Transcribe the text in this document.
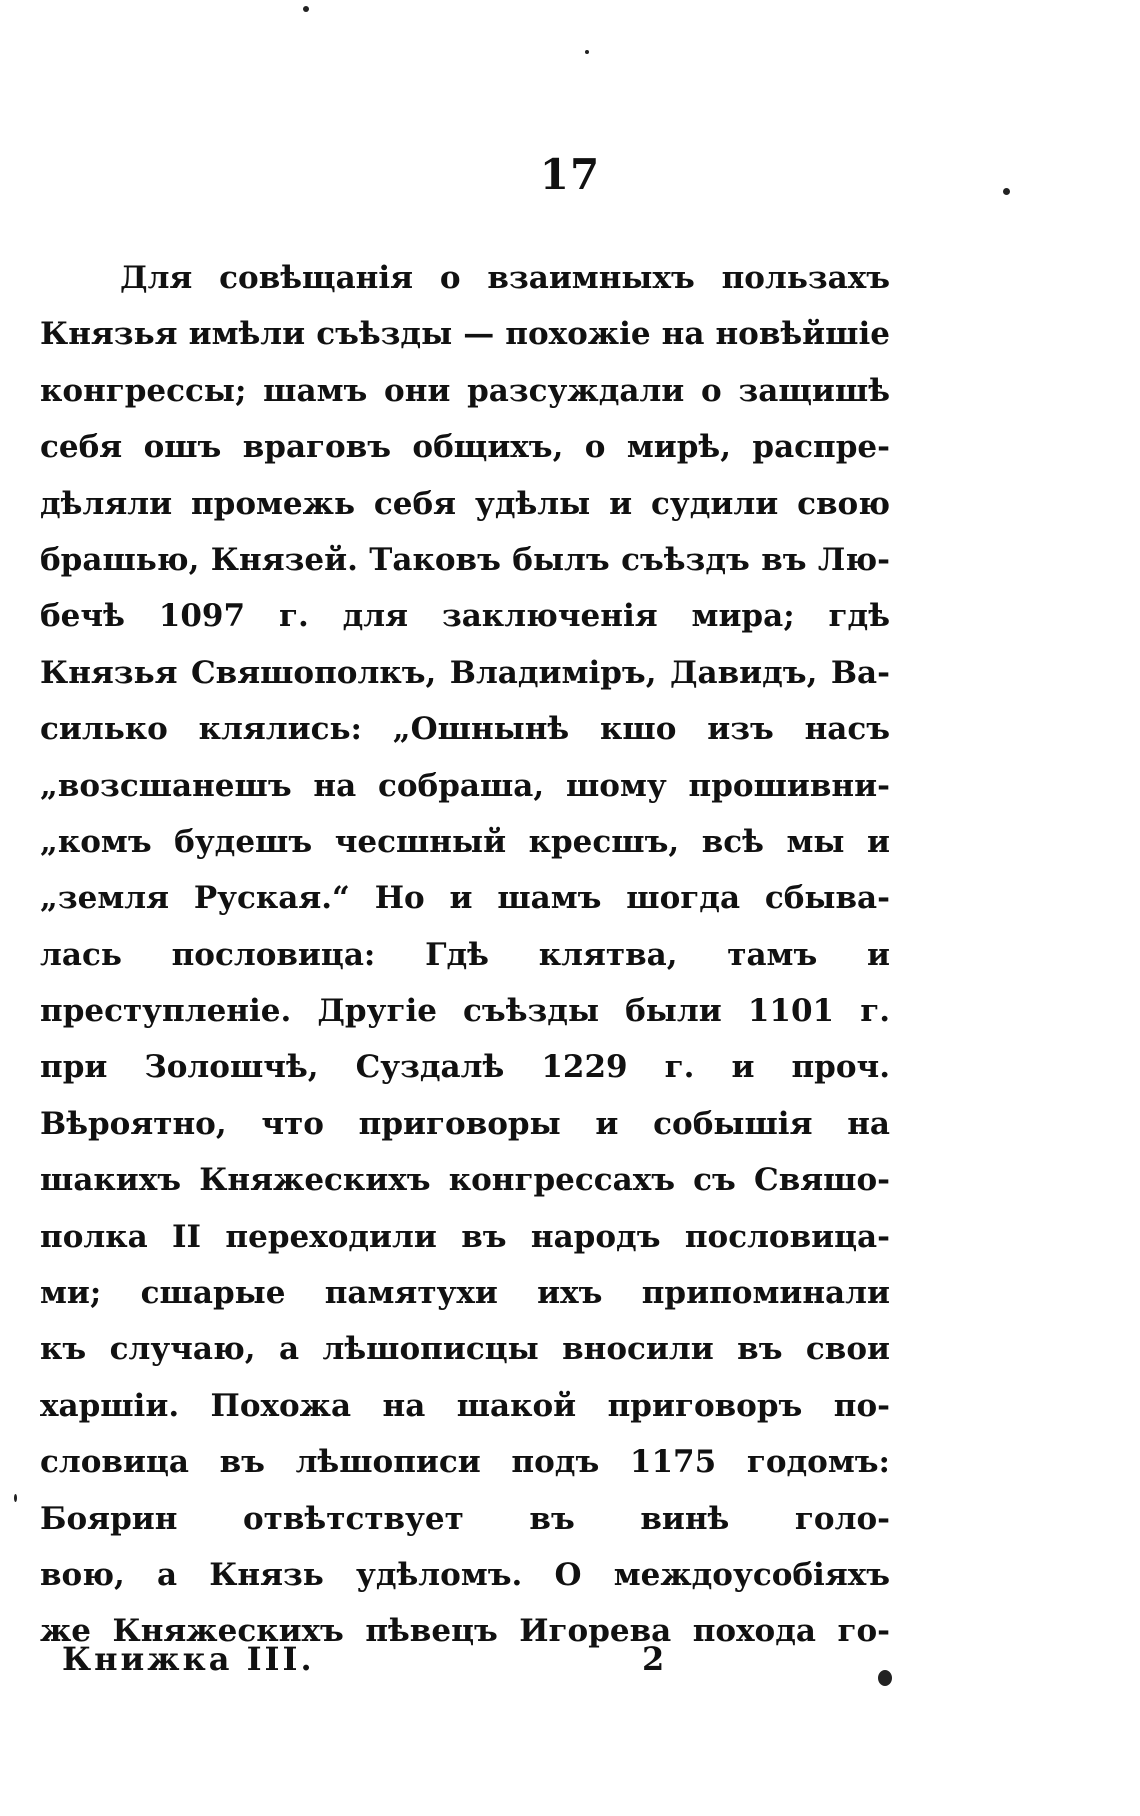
17
Для совѣщанія о взаимныхъ пользахъ
Князья имѣли съѣзды — похожіе на новѣйшіе
конгрессы; шамъ они разсуждали о защишѣ
себя ошъ враговъ общихъ, о мирѣ, распре-
дѣляли промежь себя удѣлы и судили свою
брашью, Князей. Таковъ былъ съѣздъ въ Лю-
бечѣ 1097 г. для заключенія мира; гдѣ
Князья Свяшополкъ, Владимiръ, Давидъ, Ва-
силько клялись: „Ошнынѣ кшо изъ насъ
„возсшанешъ на собраша, шому прошивни-
„комъ будешъ чесшный кресшъ, всѣ мы и
„земля Руская.“ Но и шамъ шогда сбыва-
лась пословица: Гдѣ клятва, тамъ и
преступленіе. Другіе съѣзды были 1101 г.
при Золошчѣ, Суздалѣ 1229 г. и проч.
Вѣроятно, что приговоры и собышія на
шакихъ Княжескихъ конгрессахъ съ Свяшо-
полка II переходили въ народъ пословица-
ми; сшарые памятухи ихъ припоминали
къ случаю, а лѣшописцы вносили въ свои
харшіи. Похожа на шакой приговоръ по-
словица въ лѣшописи подъ 1175 годомъ:
Боярин отвѣтствует въ винѣ голо-
вою, а Князь удѣломъ. О междоусобіяхъ
же Княжескихъ пѣвецъ Игорева похода го-
Книжка III.	2
